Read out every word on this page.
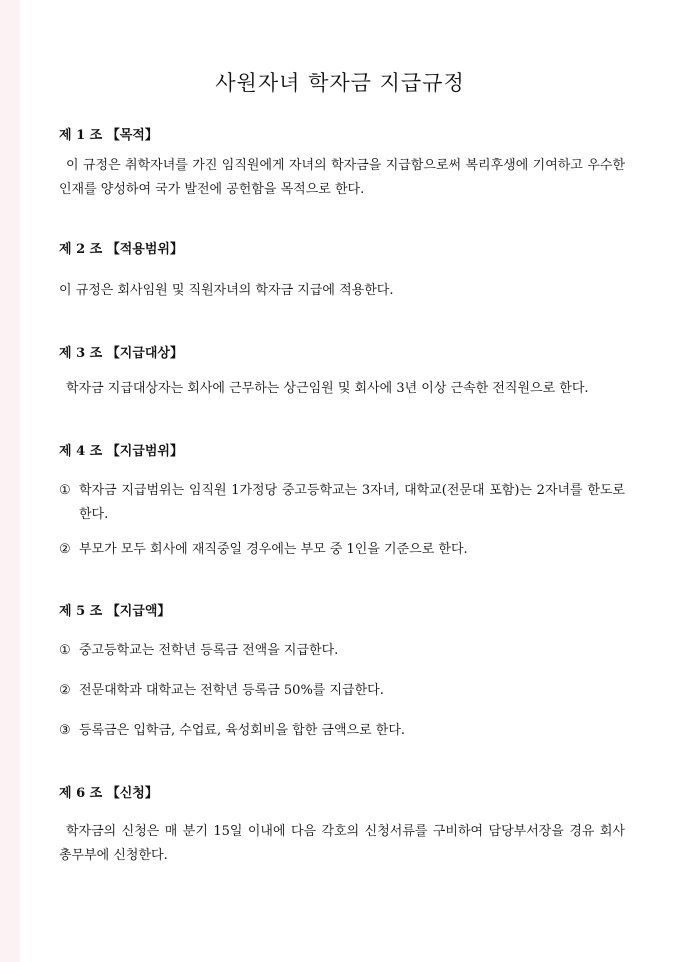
사원자녀 학자금 지급규정
제 1 조 【목적】
이 규정은 취학자녀를 가진 임직원에게 자녀의 학자금을 지급함으로써 복리후생에 기여하고 우수한 인재를 양성하여 국가 발전에 공헌함을 목적으로 한다.
제 2 조 【적용범위】
이 규정은 회사임원 및 직원자녀의 학자금 지급에 적용한다.
제 3 조 【지급대상】
학자금 지급대상자는 회사에 근무하는 상근임원 및 회사에 3년 이상 근속한 전직원으로 한다.
제 4 조 【지급범위】
① 학자금 지급범위는 임직원 1가정당 중고등학교는 3자녀, 대학교(전문대 포함)는 2자녀를 한도로 한다.
② 부모가 모두 회사에 재직중일 경우에는 부모 중 1인을 기준으로 한다.
제 5 조 【지급액】
① 중고등학교는 전학년 등록금 전액을 지급한다.
② 전문대학과 대학교는 전학년 등록금 50%를 지급한다.
③ 등록금은 입학금, 수업료, 육성회비을 합한 금액으로 한다.
제 6 조 【신청】
학자금의 신청은 매 분기 15일 이내에 다음 각호의 신청서류를 구비하여 담당부서장을 경유 회사 총무부에 신청한다.
